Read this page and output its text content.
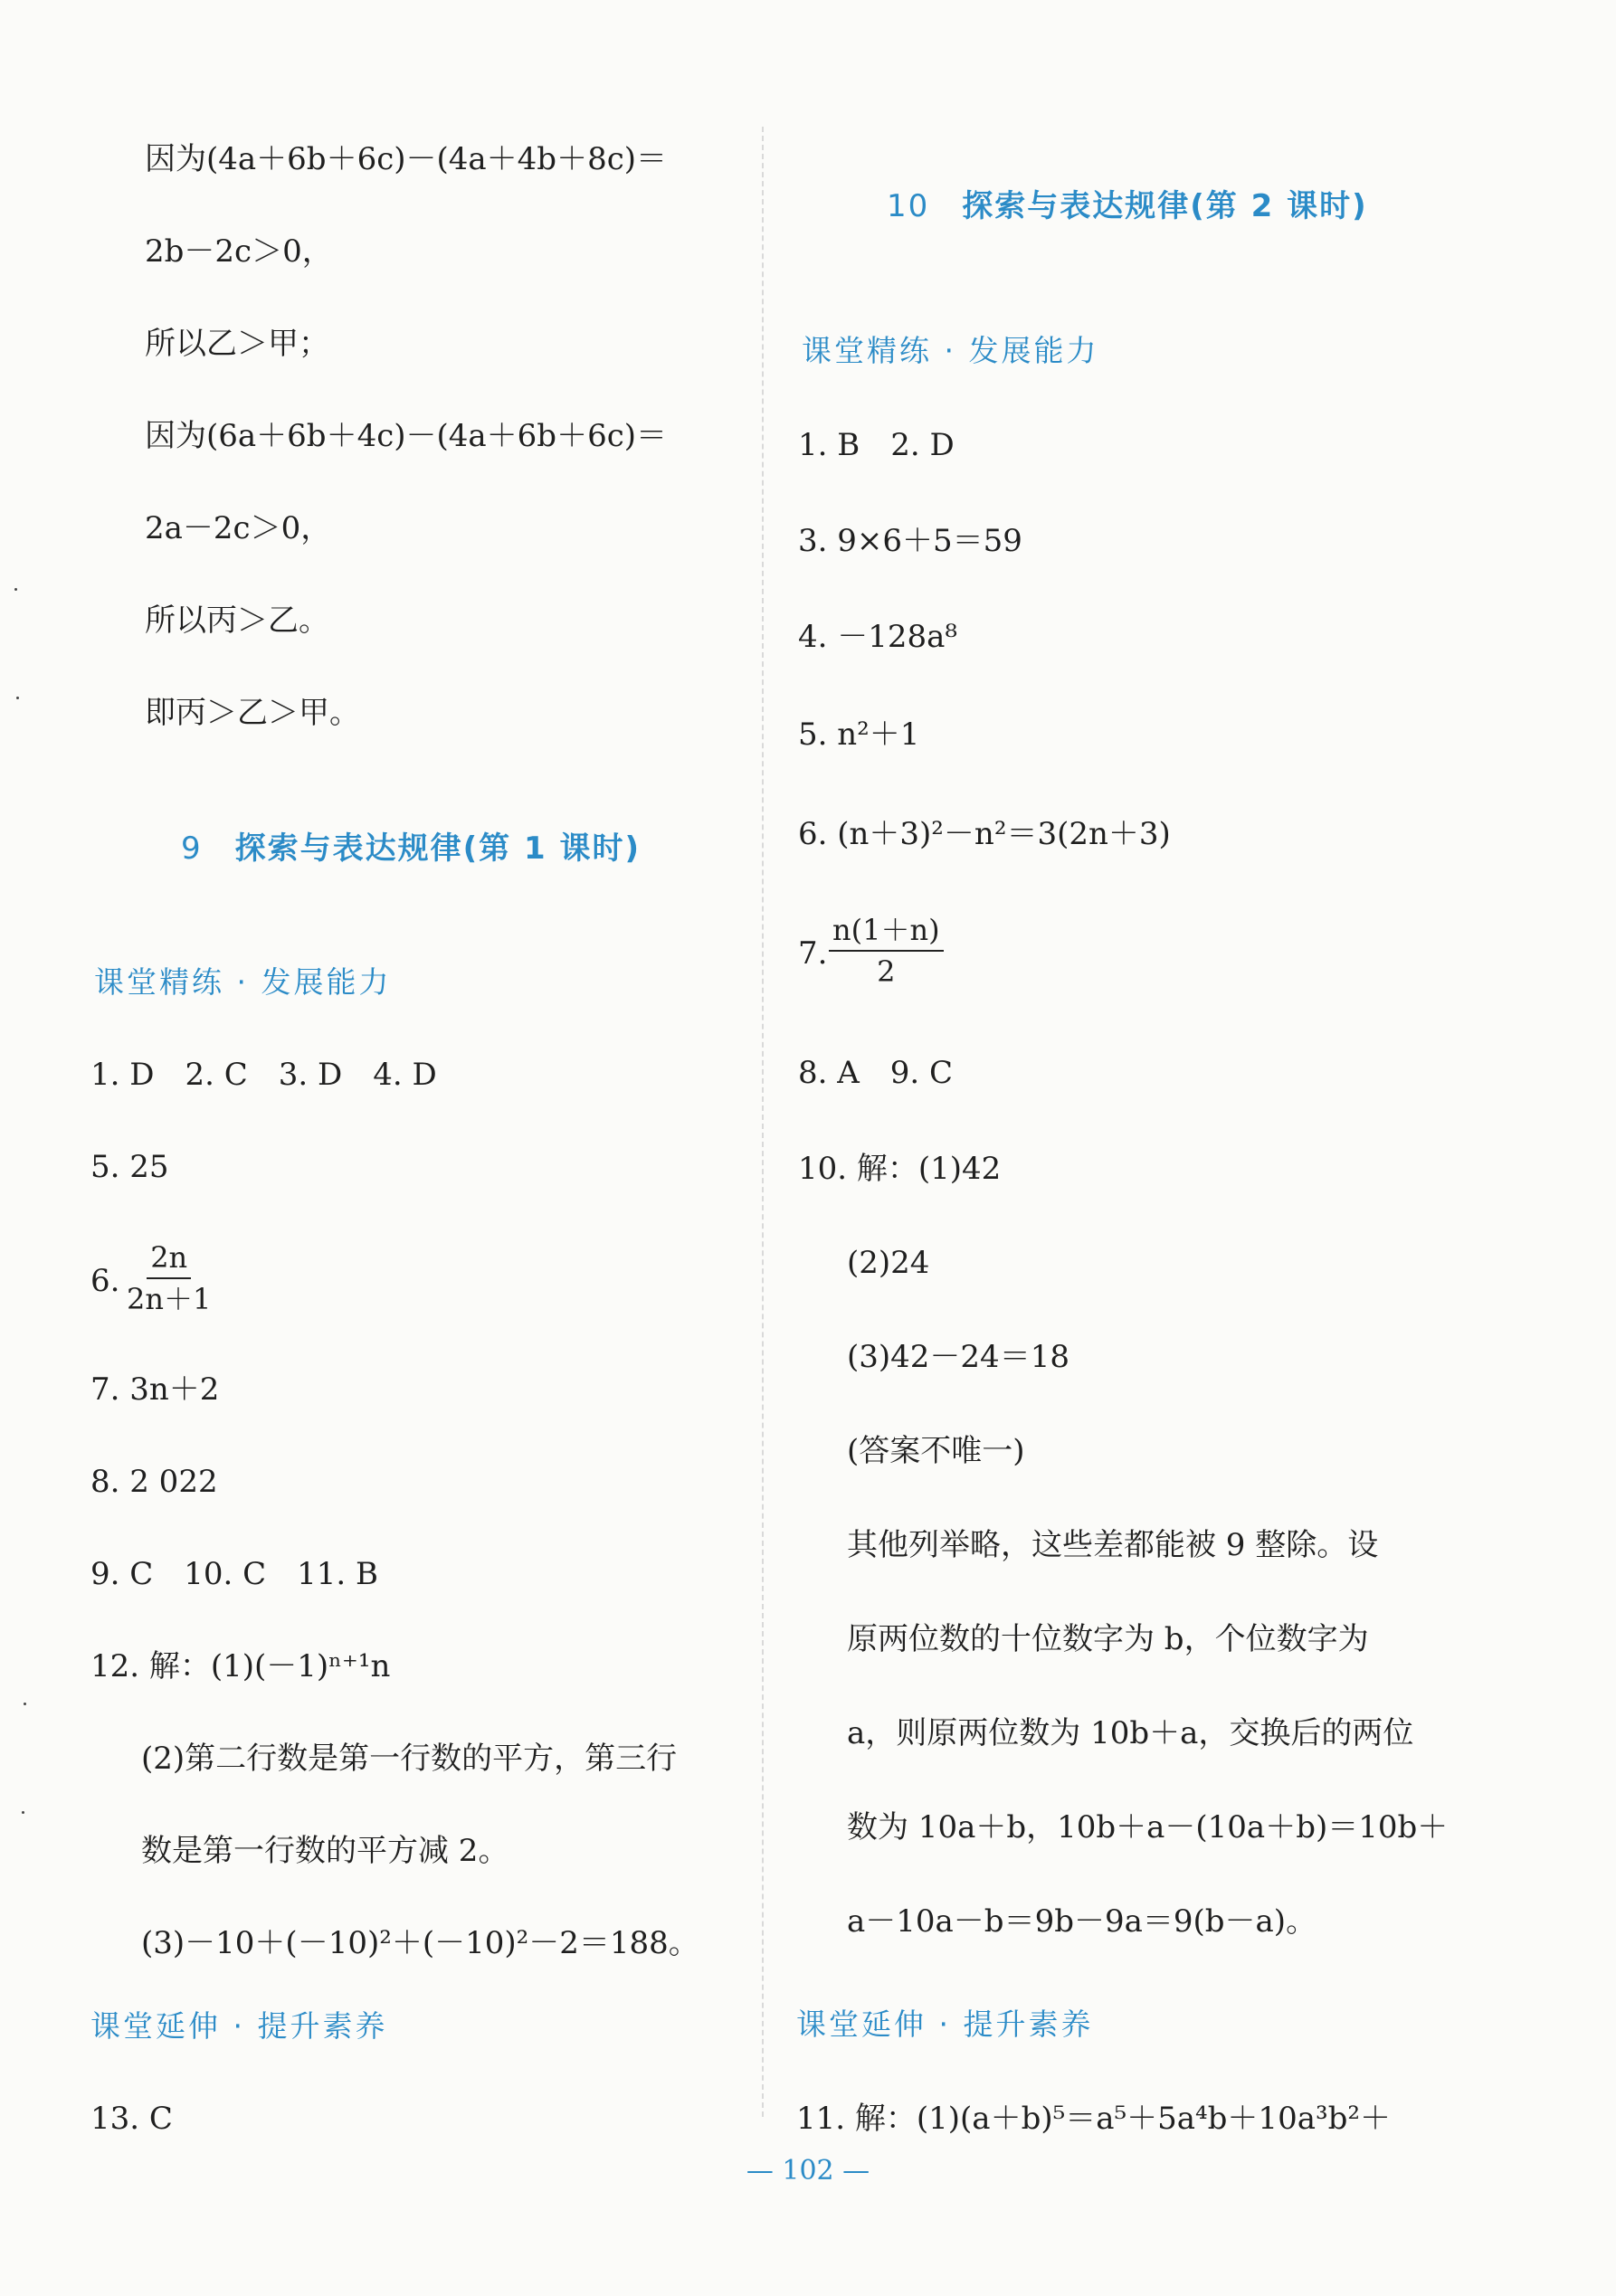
因为(4a＋6b＋6c)－(4a＋4b＋8c)＝
2b－2c＞0，
所以乙＞甲；
因为(6a＋6b＋4c)－(4a＋6b＋6c)＝
2a－2c＞0，
所以丙＞乙。
即丙＞乙＞甲。
9 探索与表达规律(第 1 课时)
课堂精练 · 发展能力
1. D　2. C　3. D　4. D
5. 25
6. $\frac{2n}{2n+1}$
7. 3n＋2
8. 2 022
9. C　10. C　11. B
12. 解：(1)(－1)ⁿ⁺¹n
(2)第二行数是第一行数的平方，第三行
数是第一行数的平方减 2。
(3)－10＋(－10)²＋(－10)²－2＝188。
课堂延伸 · 提升素养
13. C
10 探索与表达规律(第 2 课时)
课堂精练 · 发展能力
1. B　2. D
3. 9×6＋5＝59
4. －128a⁸
5. n²＋1
6. (n＋3)²－n²＝3(2n＋3)
7. $\frac{n(1+n)}{2}$
8. A　9. C
10. 解：(1)42
(2)24
(3)42－24＝18
(答案不唯一)
其他列举略，这些差都能被 9 整除。设
原两位数的十位数字为 b，个位数字为
a，则原两位数为 10b＋a，交换后的两位
数为 10a＋b，10b＋a－(10a＋b)＝10b＋
a－10a－b＝9b－9a＝9(b－a)。
课堂延伸 · 提升素养
11. 解：(1)(a＋b)⁵＝a⁵＋5a⁴b＋10a³b²＋
— 102 —
